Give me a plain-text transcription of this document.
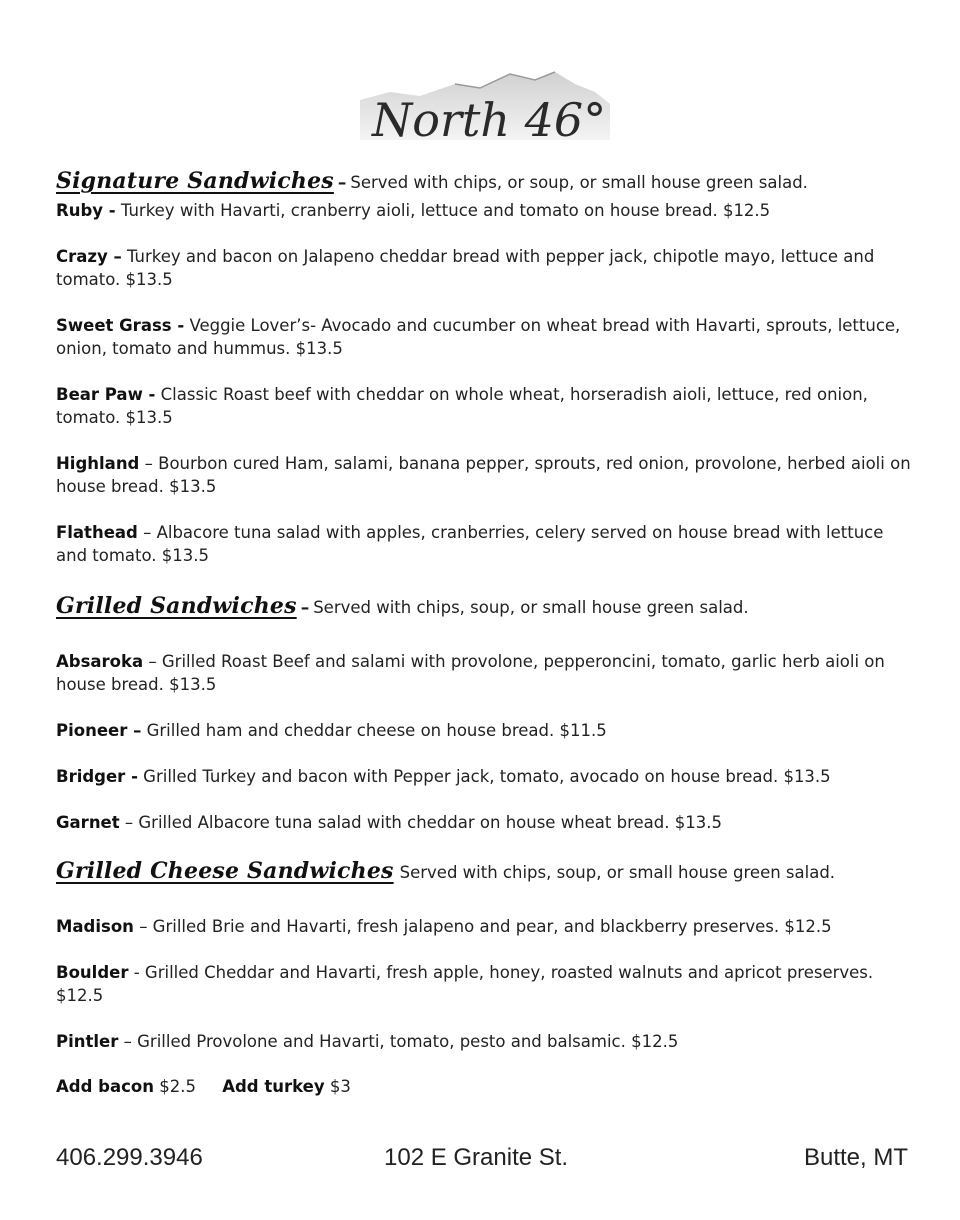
North 46°
Signature Sandwiches – Served with chips, or soup, or small house green salad.

Ruby - Turkey with Havarti, cranberry aioli, lettuce and tomato on house bread. $12.5

Crazy – Turkey and bacon on Jalapeno cheddar bread with pepper jack, chipotle mayo, lettuce and tomato. $13.5

Sweet Grass - Veggie Lover’s- Avocado and cucumber on wheat bread with Havarti, sprouts, lettuce, onion, tomato and hummus. $13.5

Bear Paw - Classic Roast beef with cheddar on whole wheat, horseradish aioli, lettuce, red onion, tomato. $13.5

Highland – Bourbon cured Ham, salami, banana pepper, sprouts, red onion, provolone, herbed aioli on house bread. $13.5

Flathead – Albacore tuna salad with apples, cranberries, celery served on house bread with lettuce and tomato. $13.5

Grilled Sandwiches – Served with chips, soup, or small house green salad.

Absaroka – Grilled Roast Beef and salami with provolone, pepperoncini, tomato, garlic herb aioli on house bread. $13.5

Pioneer – Grilled ham and cheddar cheese on house bread. $11.5

Bridger - Grilled Turkey and bacon with Pepper jack, tomato, avocado on house bread. $13.5

Garnet – Grilled Albacore tuna salad with cheddar on house wheat bread. $13.5

Grilled Cheese Sandwiches Served with chips, soup, or small house green salad.

Madison – Grilled Brie and Havarti, fresh jalapeno and pear, and blackberry preserves. $12.5

Boulder - Grilled Cheddar and Havarti, fresh apple, honey, roasted walnuts and apricot preserves. $12.5

Pintler – Grilled Provolone and Havarti, tomato, pesto and balsamic. $12.5

Add bacon $2.5 Add turkey $3
406.299.3946	102 E Granite St.	Butte, MT
